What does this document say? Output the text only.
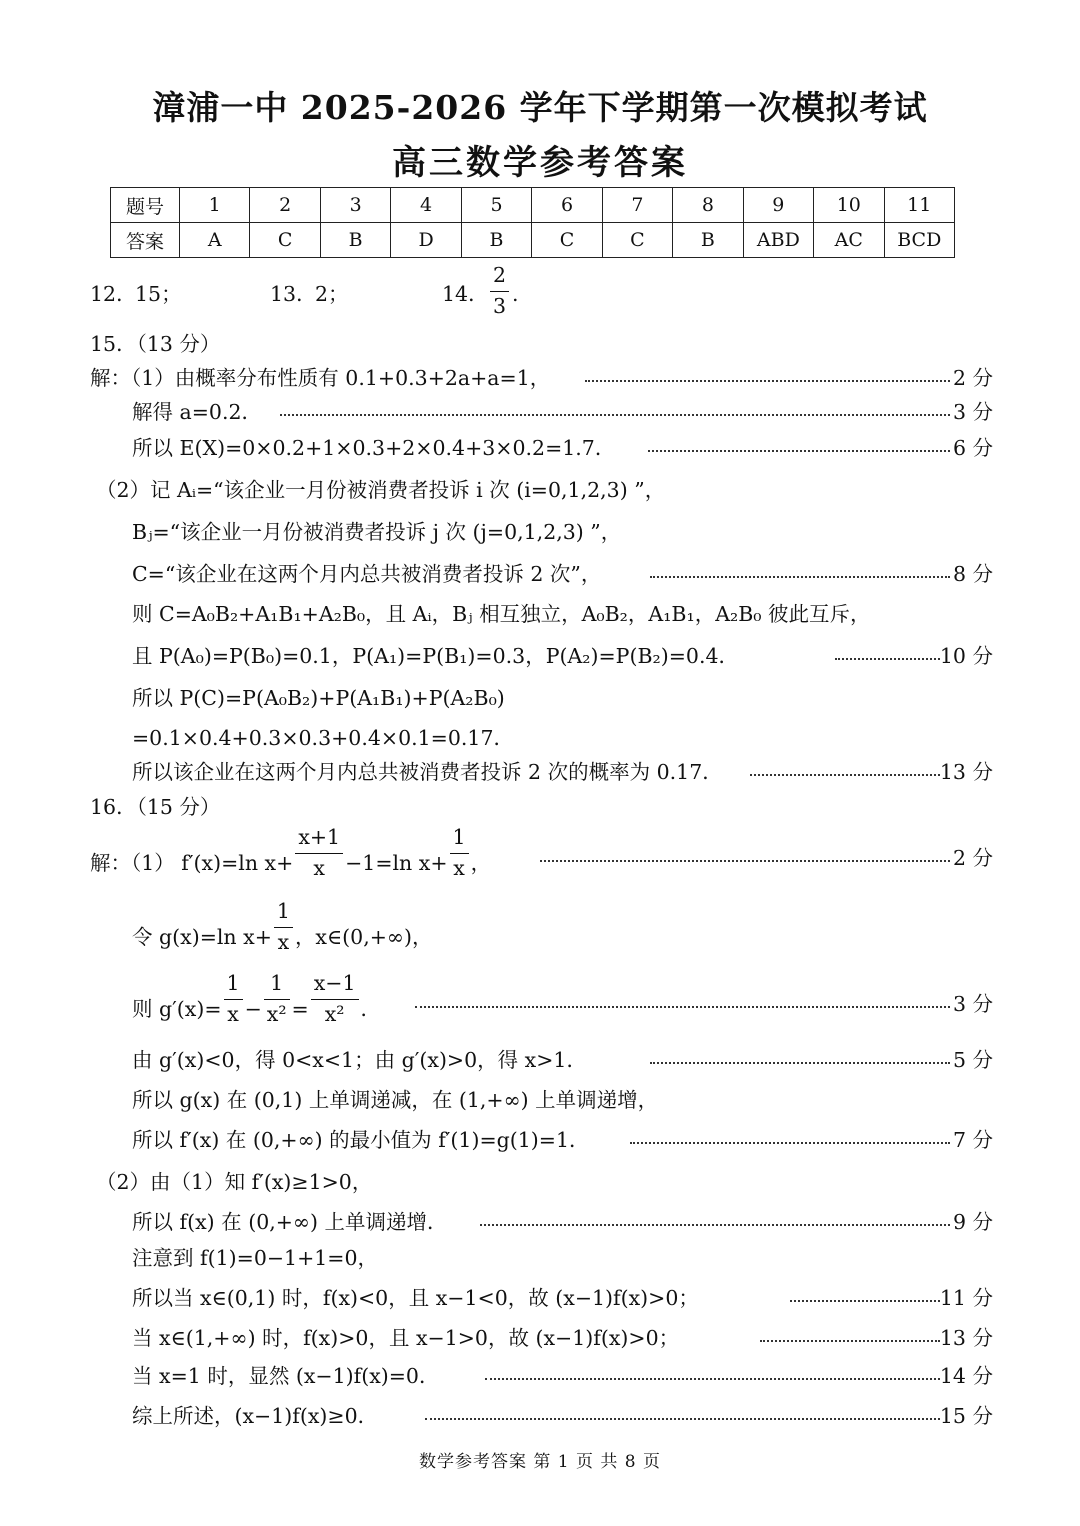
漳浦一中 2025-2026 学年下学期第一次模拟考试
高三数学参考答案
题号	1	2	3	4	5	6	7	8	9	10	11
答案	A	C	B	D	B	C	C	B	ABD	AC	BCD
12．
15；	13．
2；	14． $\frac{2}{3}$ .
15．（13 分）
解：（1）由概率分布性质有 0.1+0.3+2a+a=1，	2 分
解得 a=0.2．	3 分
所以 E(X)=0×0.2+1×0.3+2×0.4+3×0.2=1.7．	6 分
（2）记 Aᵢ=“该企业一月份被消费者投诉 i 次 (i=0,1,2,3) ”，
Bⱼ=“该企业一月份被消费者投诉 j 次 (j=0,1,2,3) ”，
C=“该企业在这两个月内总共被消费者投诉 2 次”，	8 分
则 C=A₀B₂+A₁B₁+A₂B₀，且 Aᵢ，Bⱼ 相互独立，A₀B₂，A₁B₁，A₂B₀ 彼此互斥，
且 P(A₀)=P(B₀)=0.1，P(A₁)=P(B₁)=0.3，P(A₂)=P(B₂)=0.4．	10 分
所以 P(C)=P(A₀B₂)+P(A₁B₁)+P(A₂B₀)
=0.1×0.4+0.3×0.3+0.4×0.1=0.17．
所以该企业在这两个月内总共被消费者投诉 2 次的概率为 0.17．	13 分
16．（15 分）
解：（1） f′(x)=ln $x+ \frac{x+1}{x} -1=\ln$ $x+ \frac{1}{x}$ ，	2 分
令 g(x)=ln $x+ \frac{1}{x}$ ，x∈(0,+∞)，
则 $g'(x)= \frac{1}{x} - \frac{1}{\text{x²}} = \frac{x-1}{\text{x²}}$ ．	3 分
由 g′(x)<0，得 0<x<1；由 g′(x)>0，得 x>1．	5 分
所以 g(x) 在 (0,1) 上单调递减，在 (1,+∞) 上单调递增，
所以 f′(x) 在 (0,+∞) 的最小值为 f′(1)=g(1)=1．	7 分
（2）由（1）知 f′(x)≥1>0，
所以 f(x) 在 (0,+∞) 上单调递增．	9 分
注意到 f(1)=0−1+1=0，
所以当 x∈(0,1) 时，f(x)<0，且 x−1<0，故 (x−1)f(x)>0；	11 分
当 x∈(1,+∞) 时，f(x)>0，且 x−1>0，故 (x−1)f(x)>0；	13 分
当 x=1 时，显然 (x−1)f(x)=0．	14 分
综上所述，(x−1)f(x)≥0．	15 分
数学参考答案 第 1 页 共 8 页
